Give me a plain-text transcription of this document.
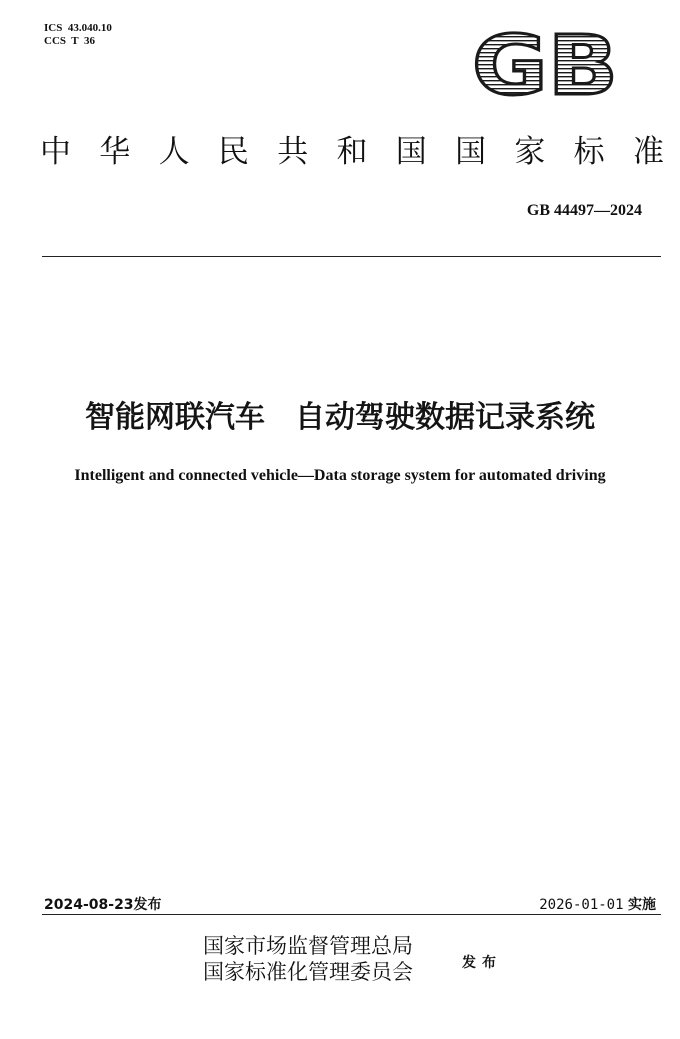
ICS  43.040.10
CCS  T  36	GB
中 华 人 民 共 和 国 国 家 标 准
GB 44497—2024
智能网联汽车　自动驾驶数据记录系统
Intelligent and connected vehicle—Data storage system for automated driving
2024-08-23发布	2026-01-01 实施
国家市场监督管理总局
国家标准化管理委员会	发布
